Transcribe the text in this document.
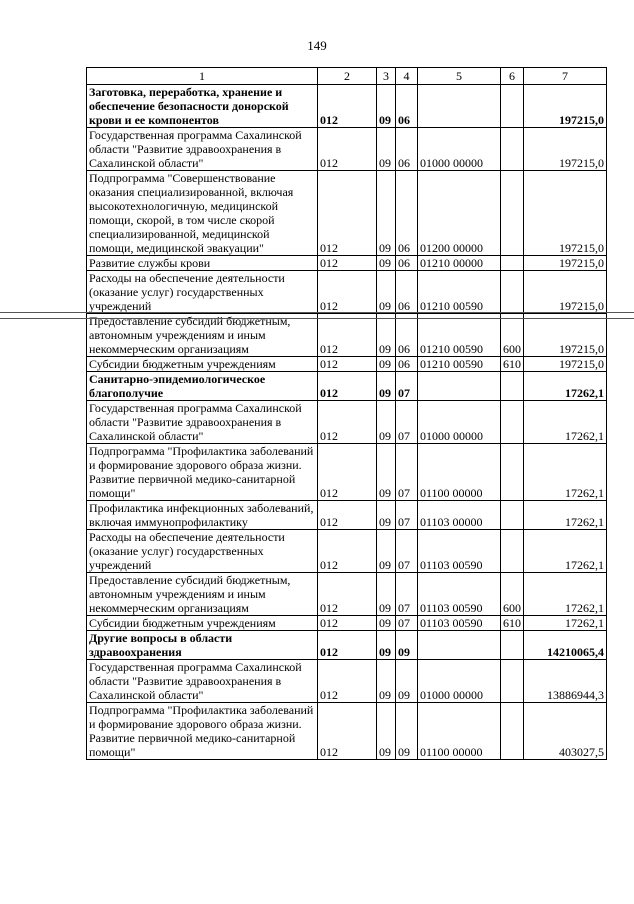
149
1	2	3	4	5	6	7
Заготовка, переработка, хранение и обеспечение безопасности донорской крови и ее компонентов	012	09	06			197215,0
Государственная программа Сахалинской области "Развитие здравоохранения в Сахалинской области"	012	09	06	01000 00000		197215,0
Подпрограмма "Совершенствование оказания специализированной, включая высокотехнологичную, медицинской помощи, скорой, в том числе скорой специализированной, медицинской помощи, медицинской эвакуации"	012	09	06	01200 00000		197215,0
Развитие службы крови	012	09	06	01210 00000		197215,0
Расходы на обеспечение деятельности (оказание услуг) государственных учреждений	012	09	06	01210 00590		197215,0
Предоставление субсидий бюджетным, автономным учреждениям и иным некоммерческим организациям	012	09	06	01210 00590	600	197215,0
Субсидии бюджетным учреждениям	012	09	06	01210 00590	610	197215,0
Санитарно-эпидемиологическое благополучие	012	09	07			17262,1
Государственная программа Сахалинской области "Развитие здравоохранения в Сахалинской области"	012	09	07	01000 00000		17262,1
Подпрограмма "Профилактика заболеваний и формирование здорового образа жизни. Развитие первичной медико-санитарной помощи"	012	09	07	01100 00000		17262,1
Профилактика инфекционных заболеваний, включая иммунопрофилактику	012	09	07	01103 00000		17262,1
Расходы на обеспечение деятельности (оказание услуг) государственных учреждений	012	09	07	01103 00590		17262,1
Предоставление субсидий бюджетным, автономным учреждениям и иным некоммерческим организациям	012	09	07	01103 00590	600	17262,1
Субсидии бюджетным учреждениям	012	09	07	01103 00590	610	17262,1
Другие вопросы в области здравоохранения	012	09	09			14210065,4
Государственная программа Сахалинской области "Развитие здравоохранения в Сахалинской области"	012	09	09	01000 00000		13886944,3
Подпрограмма "Профилактика заболеваний и формирование здорового образа жизни. Развитие первичной медико-санитарной помощи"	012	09	09	01100 00000		403027,5
